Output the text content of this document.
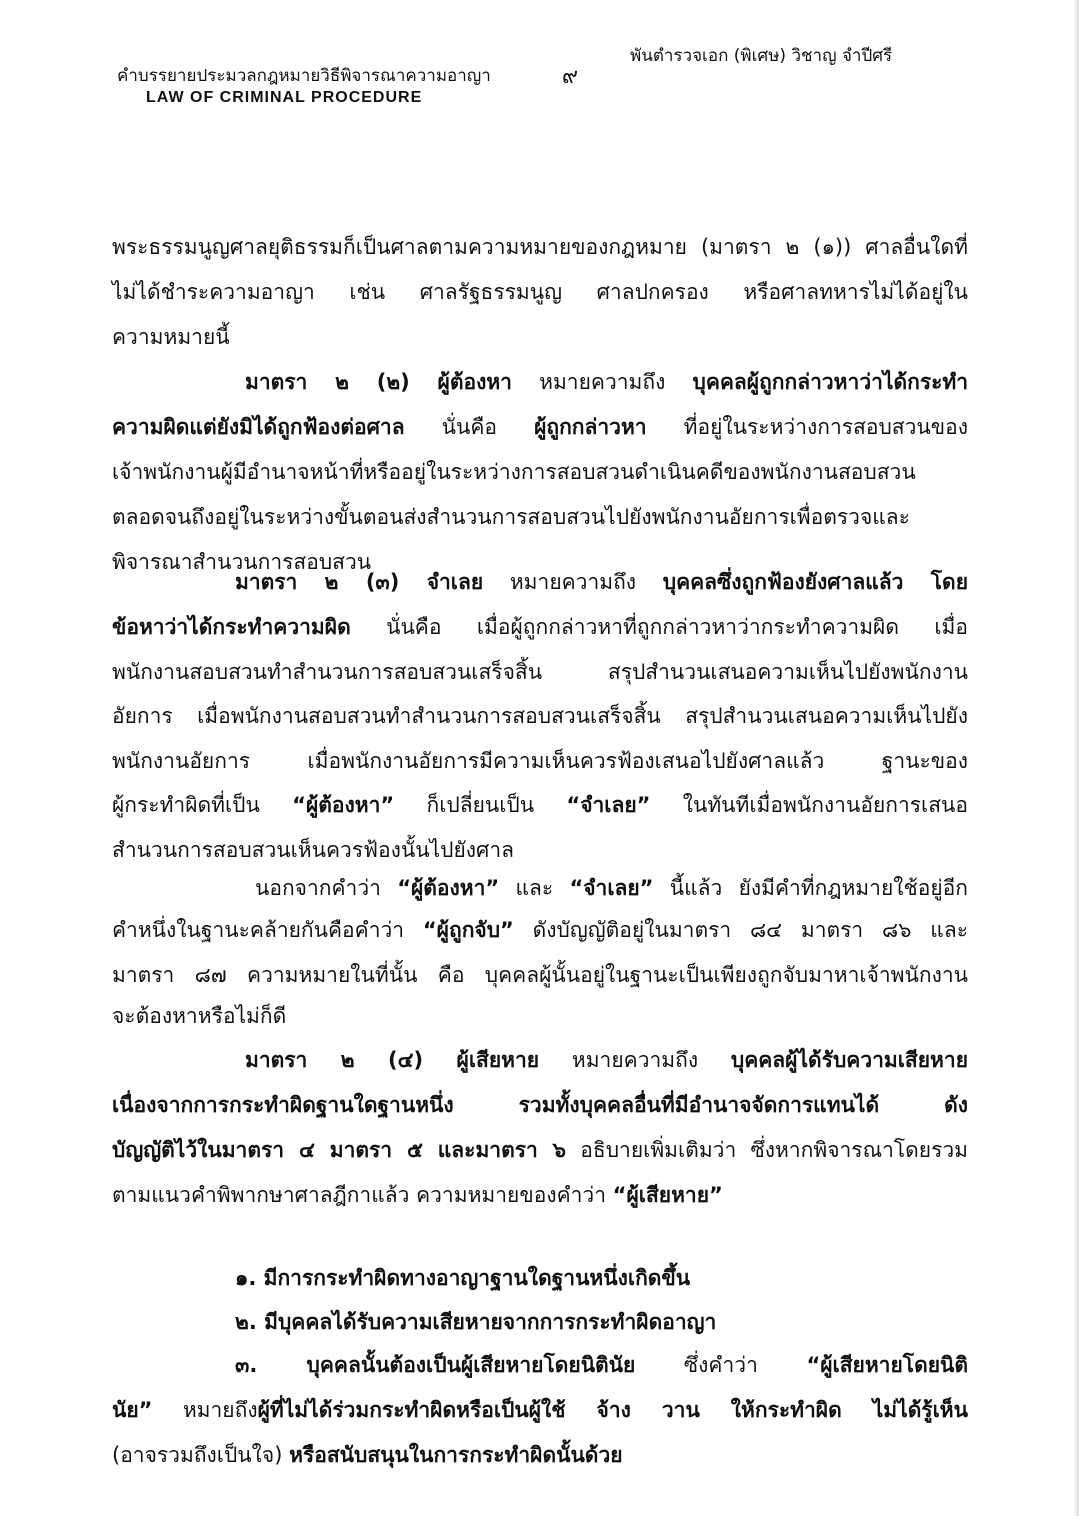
คำบรรยายประมวลกฎหมายวิธีพิจารณาความอาญา	๙
พันตำรวจเอก (พิเศษ) วิชาญ จำปีศรี
LAW OF CRIMINAL PROCEDURE
พระธรรมนูญศาลยุติธรรมก็เป็นศาลตามความหมายของกฎหมาย (มาตรา ๒ (๑)) ศาลอื่นใดที่
ไม่ได้ชำระความอาญา เช่น ศาลรัฐธรรมนูญ ศาลปกครอง หรือศาลทหารไม่ได้อยู่ใน
ความหมายนี้
มาตรา ๒ (๒) ผู้ต้องหา หมายความถึง บุคคลผู้ถูกกล่าวหาว่าได้กระทำ
ความผิดแต่ยังมิได้ถูกฟ้องต่อศาล นั่นคือ ผู้ถูกกล่าวหา ที่อยู่ในระหว่างการสอบสวนของ
เจ้าพนักงานผู้มีอำนาจหน้าที่หรืออยู่ในระหว่างการสอบสวนดำเนินคดีของพนักงานสอบสวน
ตลอดจนถึงอยู่ในระหว่างขั้นตอนส่งสำนวนการสอบสวนไปยังพนักงานอัยการเพื่อตรวจและ
พิจารณาสำนวนการสอบสวน
มาตรา ๒ (๓) จำเลย หมายความถึง บุคคลซึ่งถูกฟ้องยังศาลแล้ว โดย
ข้อหาว่าได้กระทำความผิด นั่นคือ เมื่อผู้ถูกกล่าวหาที่ถูกกล่าวหาว่ากระทำความผิด เมื่อ
พนักงานสอบสวนทำสำนวนการสอบสวนเสร็จสิ้น สรุปสำนวนเสนอความเห็นไปยังพนักงาน
อัยการ เมื่อพนักงานสอบสวนทำสำนวนการสอบสวนเสร็จสิ้น สรุปสำนวนเสนอความเห็นไปยัง
พนักงานอัยการ เมื่อพนักงานอัยการมีความเห็นควรฟ้องเสนอไปยังศาลแล้ว ฐานะของ
ผู้กระทำผิดที่เป็น “ผู้ต้องหา” ก็เปลี่ยนเป็น “จำเลย” ในทันทีเมื่อพนักงานอัยการเสนอ
สำนวนการสอบสวนเห็นควรฟ้องนั้นไปยังศาล
นอกจากคำว่า “ผู้ต้องหา” และ “จำเลย” นี้แล้ว ยังมีคำที่กฎหมายใช้อยู่อีก
คำหนึ่งในฐานะคล้ายกันคือคำว่า “ผู้ถูกจับ” ดังบัญญัติอยู่ในมาตรา ๘๔ มาตรา ๘๖ และ
มาตรา ๘๗ ความหมายในที่นั้น คือ บุคคลผู้นั้นอยู่ในฐานะเป็นเพียงถูกจับมาหาเจ้าพนักงาน
จะต้องหาหรือไม่ก็ดี
มาตรา ๒ (๔) ผู้เสียหาย หมายความถึง บุคคลผู้ได้รับความเสียหาย
เนื่องจากการกระทำผิดฐานใดฐานหนึ่ง รวมทั้งบุคคลอื่นที่มีอำนาจจัดการแทนได้ ดัง
บัญญัติไว้ในมาตรา ๔ มาตรา ๕ และมาตรา ๖ อธิบายเพิ่มเติมว่า ซึ่งหากพิจารณาโดยรวม
ตามแนวคำพิพากษาศาลฎีกาแล้ว ความหมายของคำว่า “ผู้เสียหาย”
๑. มีการกระทำผิดทางอาญาฐานใดฐานหนึ่งเกิดขึ้น
๒. มีบุคคลได้รับความเสียหายจากการกระทำผิดอาญา
๓. บุคคลนั้นต้องเป็นผู้เสียหายโดยนิตินัย ซึ่งคำว่า “ผู้เสียหายโดยนิติ
นัย” หมายถึงผู้ที่ไม่ได้ร่วมกระทำผิดหรือเป็นผู้ใช้ จ้าง วาน ให้กระทำผิด ไม่ได้รู้เห็น
(อาจรวมถึงเป็นใจ) หรือสนับสนุนในการกระทำผิดนั้นด้วย
